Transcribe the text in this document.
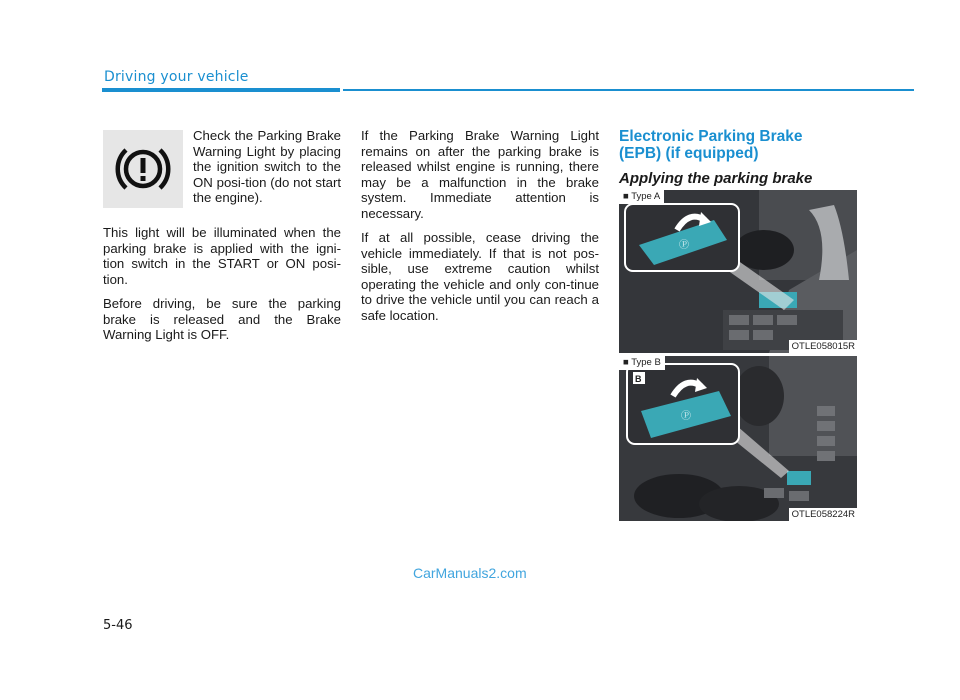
Driving your vehicle
Check the Parking Brake Warning Light by placing the ignition switch to the ON posi-tion (do not start the engine).

This light will be illuminated when the parking brake is applied with the igni-tion switch in the START or ON posi-tion.

Before driving, be sure the parking brake is released and the Brake Warning Light is OFF.

If the Parking Brake Warning Light remains on after the parking brake is released whilst engine is running, there may be a malfunction in the brake system. Immediate attention is necessary.

If at all possible, cease driving the vehicle immediately. If that is not pos-sible, use extreme caution whilst operating the vehicle and only con-tinue to drive the vehicle until you can reach a safe location.

Electronic Parking Brake
(EPB) (if equipped)
Applying the parking brake
Ⓟ
■ Type A
OTLE058015R
Ⓟ
B
■ Type B
OTLE058224R
CarManuals2.com
5-46
